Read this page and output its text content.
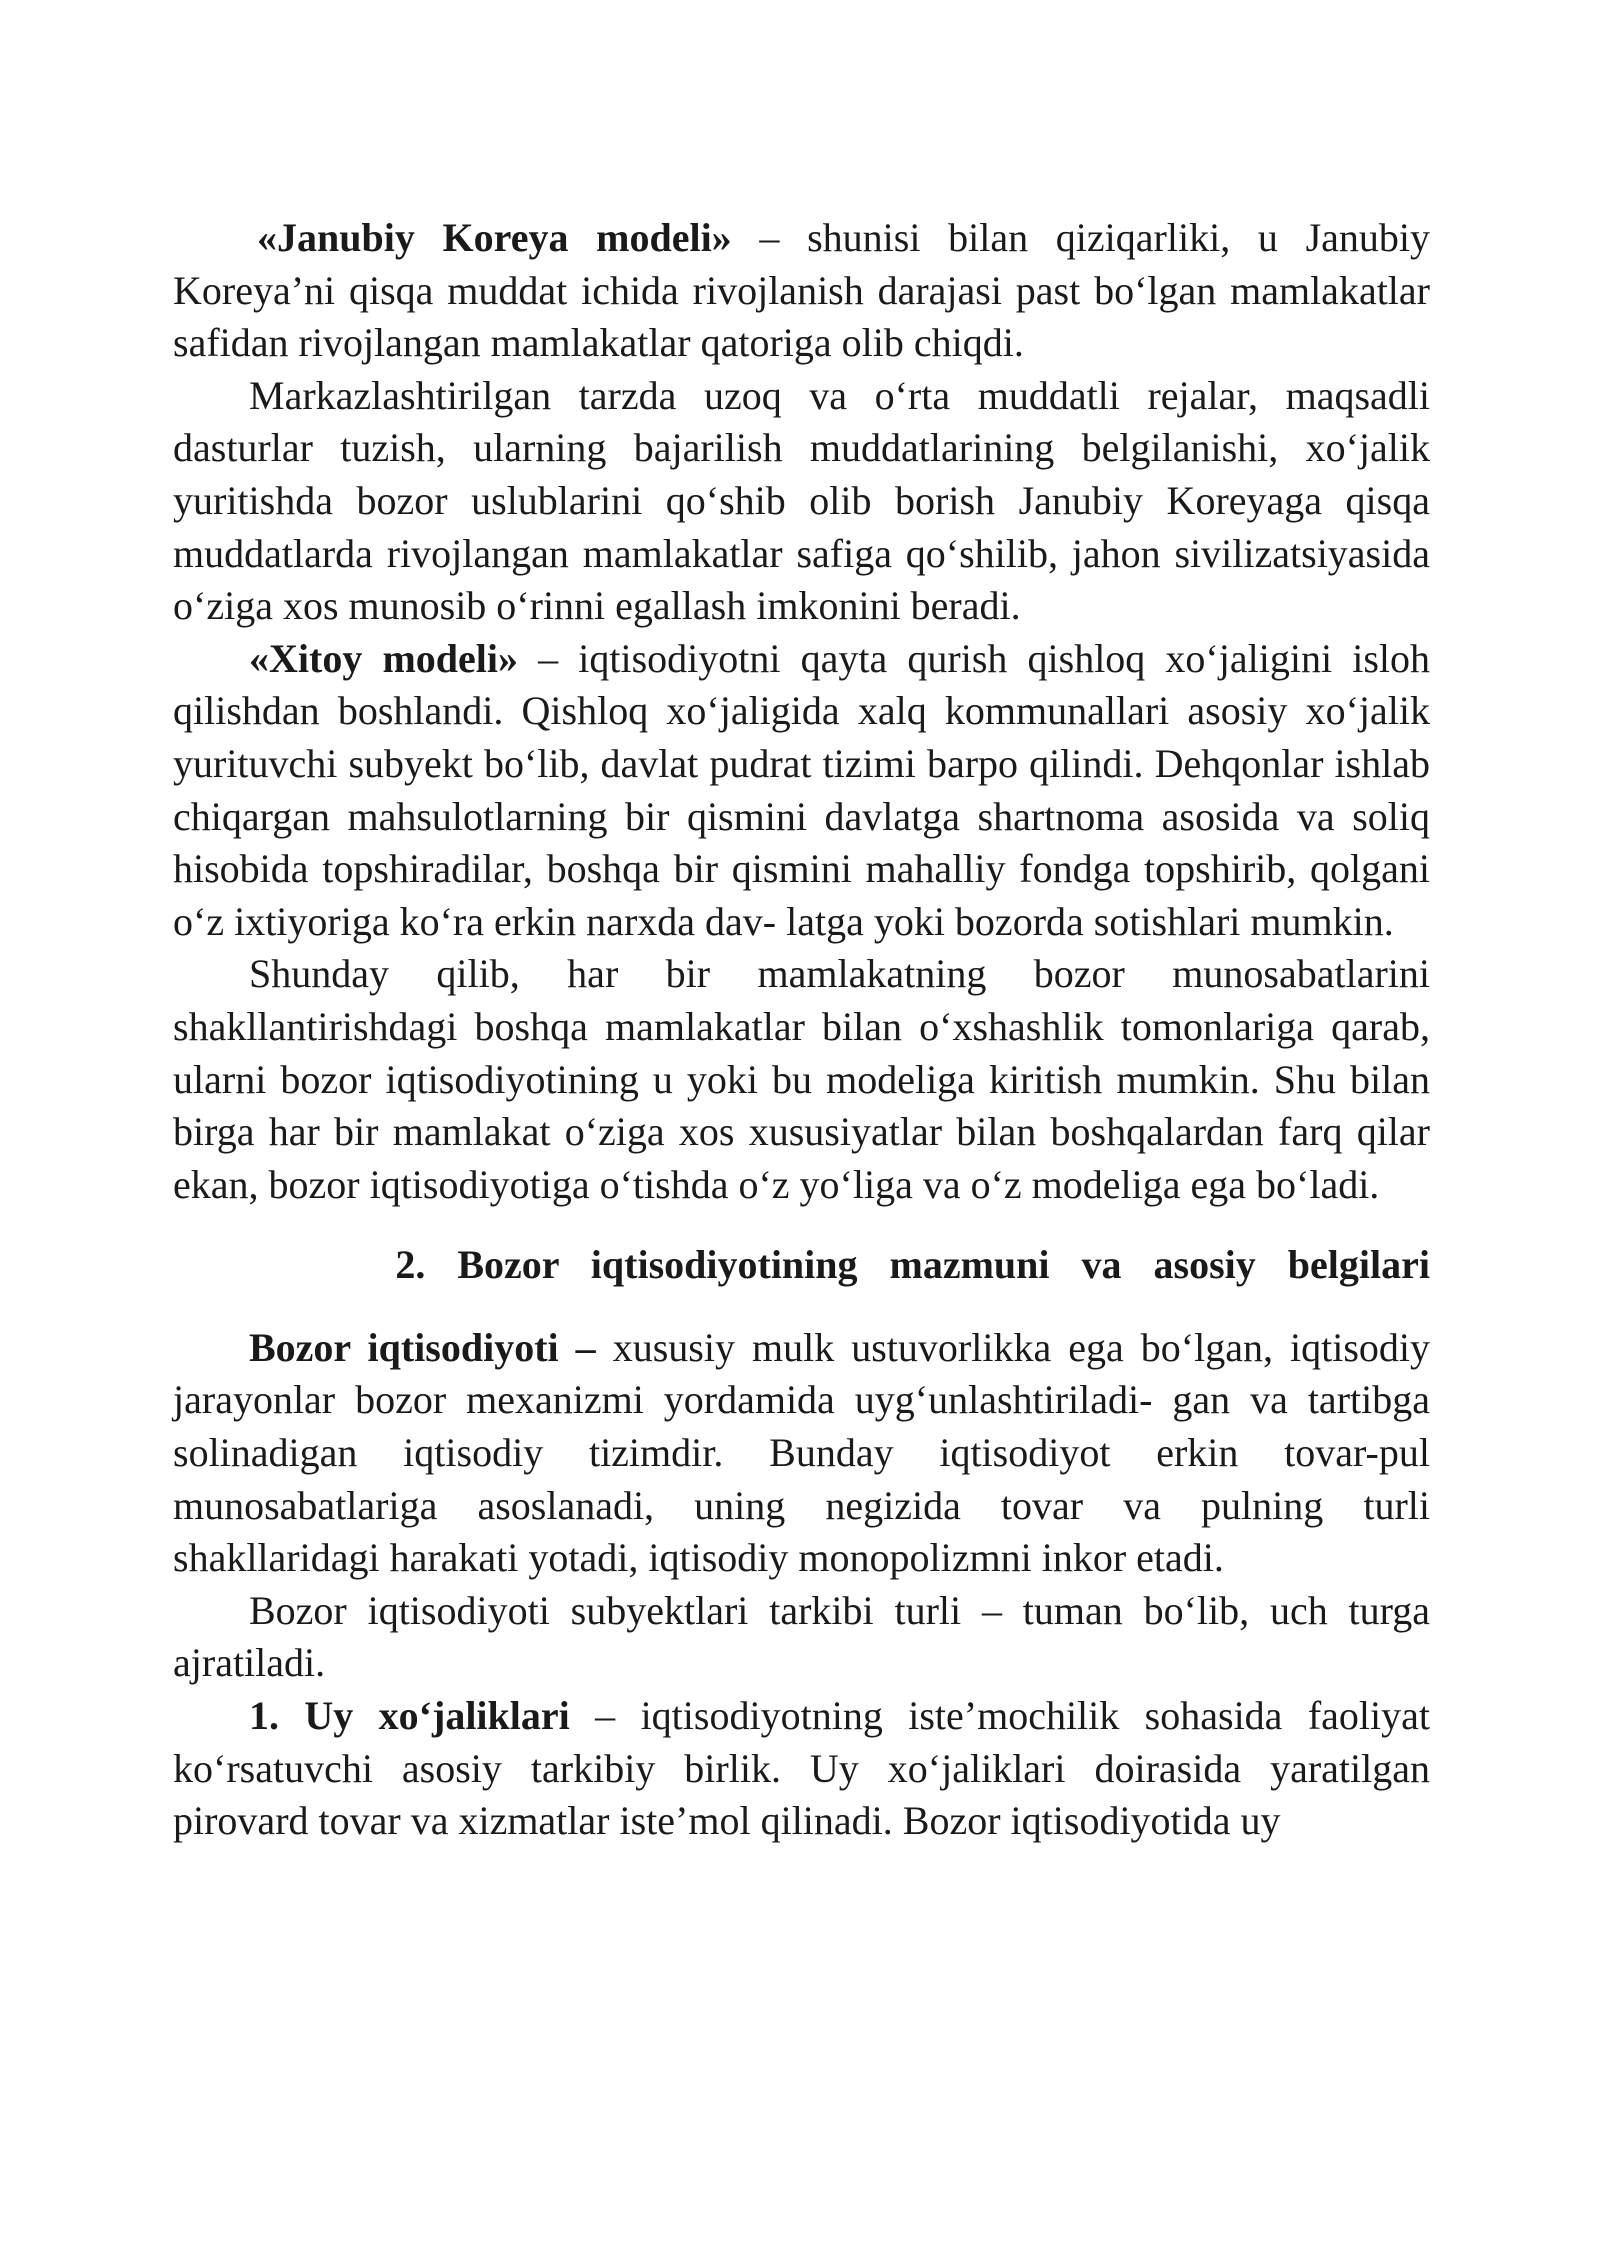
«Janubiy Koreya modeli» – shunisi bilan qiziqarliki, u Janubiy Koreya’ni qisqa muddat ichida rivojlanish darajasi past bo‘lgan mamlakatlar safidan rivojlangan mamlakatlar qatoriga olib chiqdi.

Markazlashtirilgan tarzda uzoq va o‘rta muddatli rejalar, maqsadli dasturlar tuzish, ularning bajarilish muddatlarining belgilanishi, xo‘jalik yuritishda bozor uslublarini qo‘shib olib borish Janubiy Koreyaga qisqa muddatlarda rivojlangan mamlakatlar safiga qo‘shilib, jahon sivilizatsiyasida o‘ziga xos munosib o‘rinni egallash imkonini beradi.

«Xitoy modeli» – iqtisodiyotni qayta qurish qishloq xo‘jaligini isloh qilishdan boshlandi. Qishloq xo‘jaligida xalq kommunallari asosiy xo‘jalik yurituvchi subyekt bo‘lib, davlat pudrat tizimi barpo qilindi. Dehqonlar ishlab chiqargan mahsulotlarning bir qismini davlatga shartnoma asosida va soliq hisobida topshiradilar, boshqa bir qismini mahalliy fondga topshirib, qolgani o‘z ixtiyoriga ko‘ra erkin narxda dav- latga yoki bozorda sotishlari mumkin.

Shunday qilib, har bir mamlakatning bozor munosabatlarini shakllantirishdagi boshqa mamlakatlar bilan o‘xshashlik tomonlariga qarab, ularni bozor iqtisodiyotining u yoki bu modeliga kiritish mumkin. Shu bilan birga har bir mamlakat o‘ziga xos xususiyatlar bilan boshqalardan farq qilar ekan, bozor iqtisodiyotiga o‘tishda o‘z yo‘liga va o‘z modeliga ega bo‘ladi.

2. Bozor iqtisodiyotining mazmuni va asosiy belgilari

Bozor iqtisodiyoti – xususiy mulk ustuvorlikka ega bo‘lgan, iqtisodiy jarayonlar bozor mexanizmi yordamida uyg‘unlashtiriladi- gan va tartibga solinadigan iqtisodiy tizimdir. Bunday iqtisodiyot erkin tovar-pul munosabatlariga asoslanadi, uning negizida tovar va pulning turli shakllaridagi harakati yotadi, iqtisodiy monopolizmni inkor etadi.

Bozor iqtisodiyoti subyektlari tarkibi turli – tuman bo‘lib, uch turga ajratiladi.

1. Uy xo‘jaliklari – iqtisodiyotning iste’mochilik sohasida faoliyat ko‘rsatuvchi asosiy tarkibiy birlik. Uy xo‘jaliklari doirasida yaratilgan pirovard tovar va xizmatlar iste’mol qilinadi. Bozor iqtisodiyotida uy
